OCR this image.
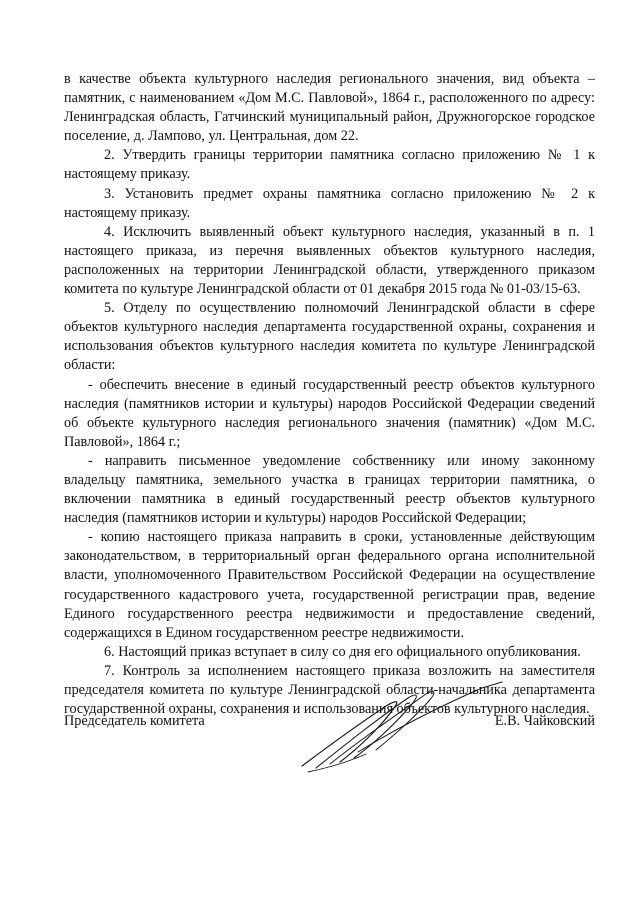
в качестве объекта культурного наследия регионального значения, вид объекта – памятник, с наименованием «Дом М.С. Павловой», 1864 г., расположенного по адресу: Ленинградская область, Гатчинский муниципальный район, Дружногорское городское поселение, д. Лампово, ул. Центральная, дом 22.

2. Утвердить границы территории памятника согласно приложению № 1 к настоящему приказу.

3. Установить предмет охраны памятника согласно приложению № 2 к настоящему приказу.

4. Исключить выявленный объект культурного наследия, указанный в п. 1 настоящего приказа, из перечня выявленных объектов культурного наследия, расположенных на территории Ленинградской области, утвержденного приказом комитета по культуре Ленинградской области от 01 декабря 2015 года № 01-03/15-63.

5. Отделу по осуществлению полномочий Ленинградской области в сфере объектов культурного наследия департамента государственной охраны, сохранения и использования объектов культурного наследия комитета по культуре Ленинградской области:

- обеспечить внесение в единый государственный реестр объектов культурного наследия (памятников истории и культуры) народов Российской Федерации сведений об объекте культурного наследия регионального значения (памятник) «Дом М.С. Павловой», 1864 г.;

- направить письменное уведомление собственнику или иному законному владельцу памятника, земельного участка в границах территории памятника, о включении памятника в единый государственный реестр объектов культурного наследия (памятников истории и культуры) народов Российской Федерации;

- копию настоящего приказа направить в сроки, установленные действующим законодательством, в территориальный орган федерального органа исполнительной власти, уполномоченного Правительством Российской Федерации на осуществление государственного кадастрового учета, государственной регистрации прав, ведение Единого государственного реестра недвижимости и предоставление сведений, содержащихся в Едином государственном реестре недвижимости.

6. Настоящий приказ вступает в силу со дня его официального опубликования.

7. Контроль за исполнением настоящего приказа возложить на заместителя председателя комитета по культуре Ленинградской области-начальника департамента государственной охраны, сохранения и использования объектов культурного наследия.

Председатель комитета	Е.В. Чайковский
